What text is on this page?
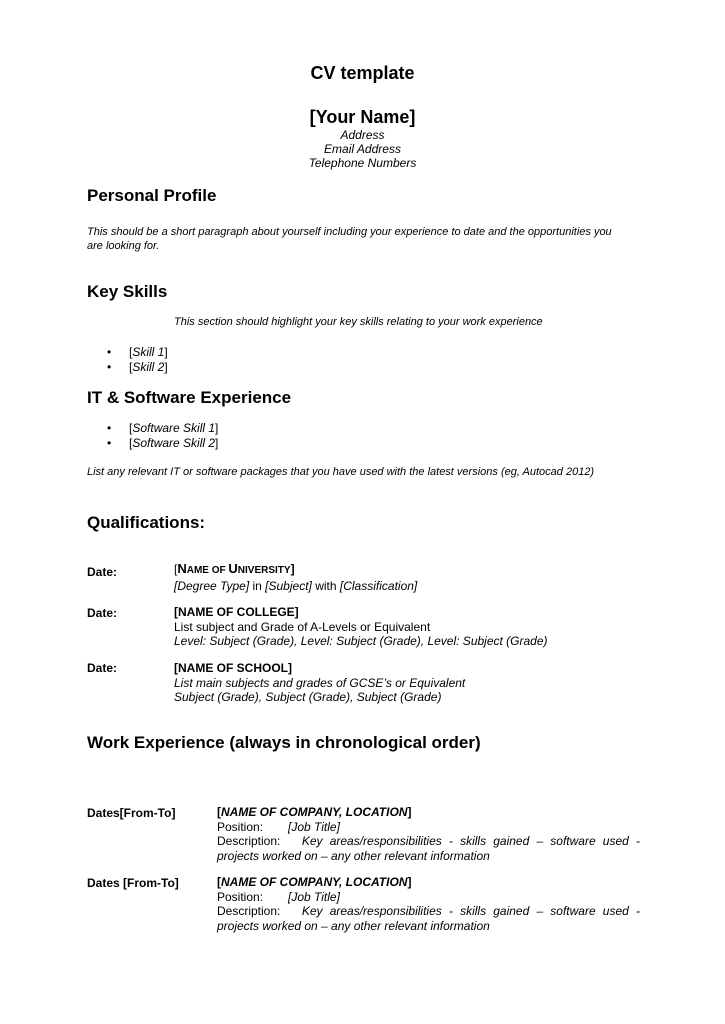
CV template
[Your Name]
Address
Email Address
Telephone Numbers
Personal Profile
This should be a short paragraph about yourself including your experience to date and the opportunities you are looking for.
Key Skills
This section should highlight your key skills relating to your work experience
•	[ Skill 1 ]
•	[ Skill 2 ]
IT & Software Experience
•	[ Software Skill 1 ]
•	[ Software Skill 2 ]
List any relevant IT or software packages that you have used with the latest versions (eg, Autocad 2012)
Qualifications:
Date:	[NAME OF UNIVERSITY]
[Degree Type] in [Subject] with [Classification]
Date:	[NAME OF COLLEGE]
List subject and Grade of A-Levels or Equivalent
Level: Subject (Grade), Level: Subject (Grade), Level: Subject (Grade)
Date:	[NAME OF SCHOOL]
List main subjects and grades of GCSE’s or Equivalent
Subject (Grade), Subject (Grade), Subject (Grade)
Work Experience (always in chronological order)
Dates[From-To]	[NAME OF COMPANY, LOCATION]
Position:	[Job Title]
Description: Key areas/responsibilities - skills gained – software used - projects worked on – any other relevant information
Dates [From-To]	[NAME OF COMPANY, LOCATION]
Position:	[Job Title]
Description: Key areas/responsibilities - skills gained – software used - projects worked on – any other relevant information
